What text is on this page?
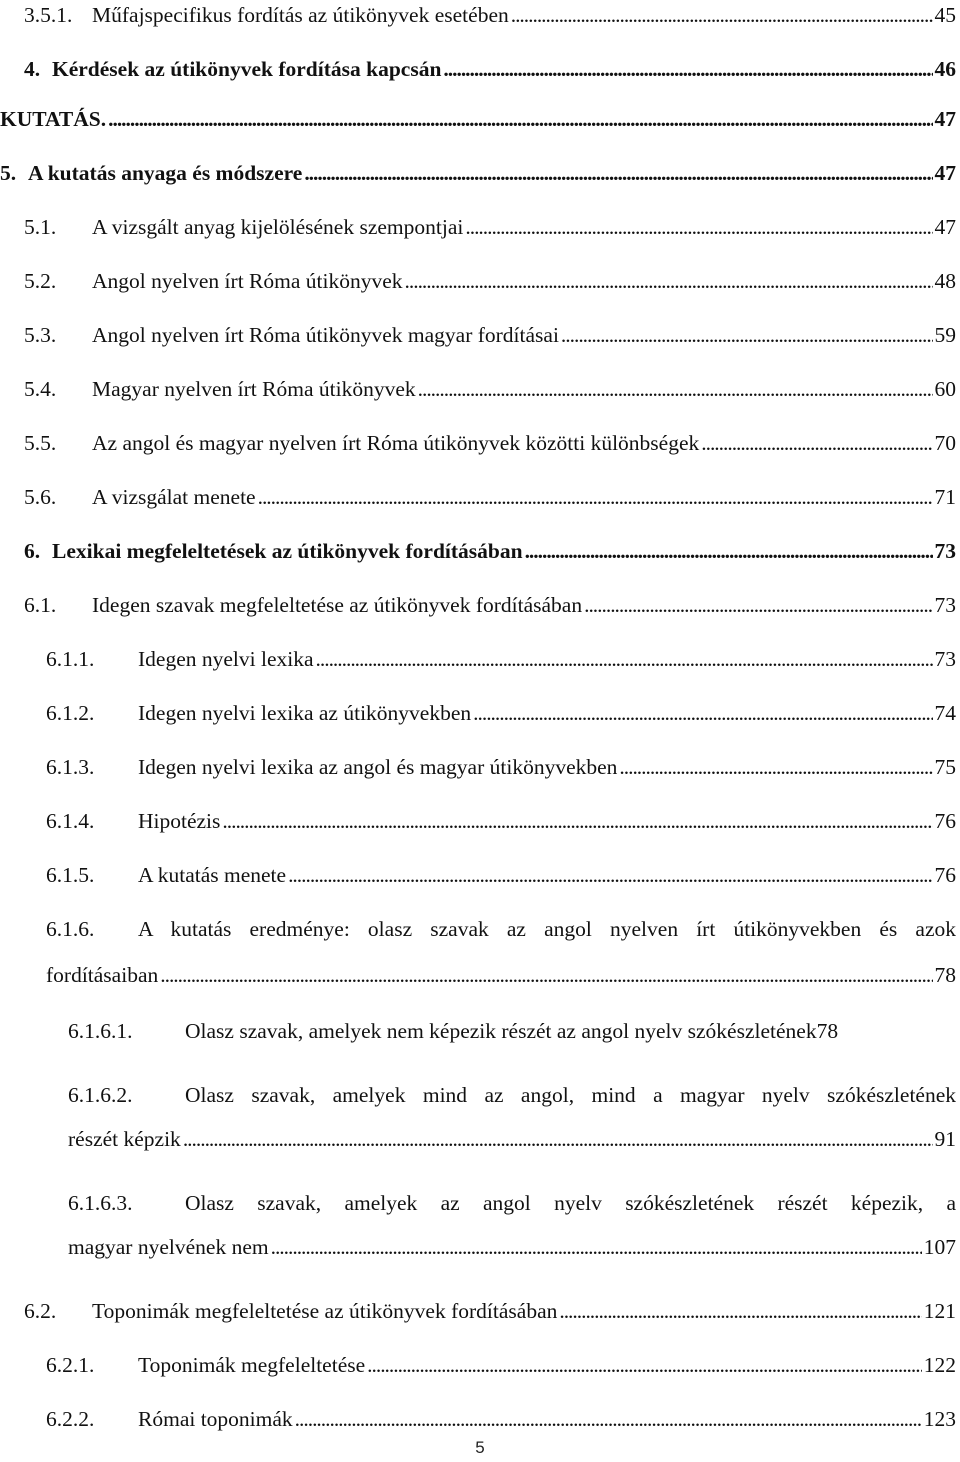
3.5.1. Műfajspecifikus fordítás az útikönyvek esetében . . .	45
4. Kérdések az útikönyvek fordítása kapcsán . . .	46
KUTATÁS. . . .	47
5. A kutatás anyaga és módszere . . .	47
5.1. A vizsgált anyag kijelölésének szempontjai . . .	47
5.2. Angol nyelven írt Róma útikönyvek . . .	48
5.3. Angol nyelven írt Róma útikönyvek magyar fordításai . . .	59
5.4. Magyar nyelven írt Róma útikönyvek . . .	60
5.5. Az angol és magyar nyelven írt Róma útikönyvek közötti különbségek . . .	70
5.6. A vizsgálat menete . . .	71
6. Lexikai megfeleltetések az útikönyvek fordításában . . .	73
6.1. Idegen szavak megfeleltetése az útikönyvek fordításában . . .	73
6.1.1. Idegen nyelvi lexika . . .	73
6.1.2. Idegen nyelvi lexika az útikönyvekben . . .	74
6.1.3. Idegen nyelvi lexika az angol és magyar útikönyvekben . . .	75
6.1.4. Hipotézis . . .	76
6.1.5. A kutatás menete . . .	76
6.1.6. A kutatás eredménye: olasz szavak az angol nyelven írt útikönyvekben és azok
fordításaiban . . .	78
6.1.6.1. Olasz szavak, amelyek nem képezik részét az angol nyelv szókészletének 78
6.1.6.2. Olasz szavak, amelyek mind az angol, mind a magyar nyelv szókészletének
részét képzik . . .	91
6.1.6.3. Olasz szavak, amelyek az angol nyelv szókészletének részét képezik, a
magyar nyelvének nem . . .	107
6.2. Toponimák megfeleltetése az útikönyvek fordításában . . .	121
6.2.1. Toponimák megfeleltetése . . .	122
6.2.2. Római toponimák . . .	123
5
